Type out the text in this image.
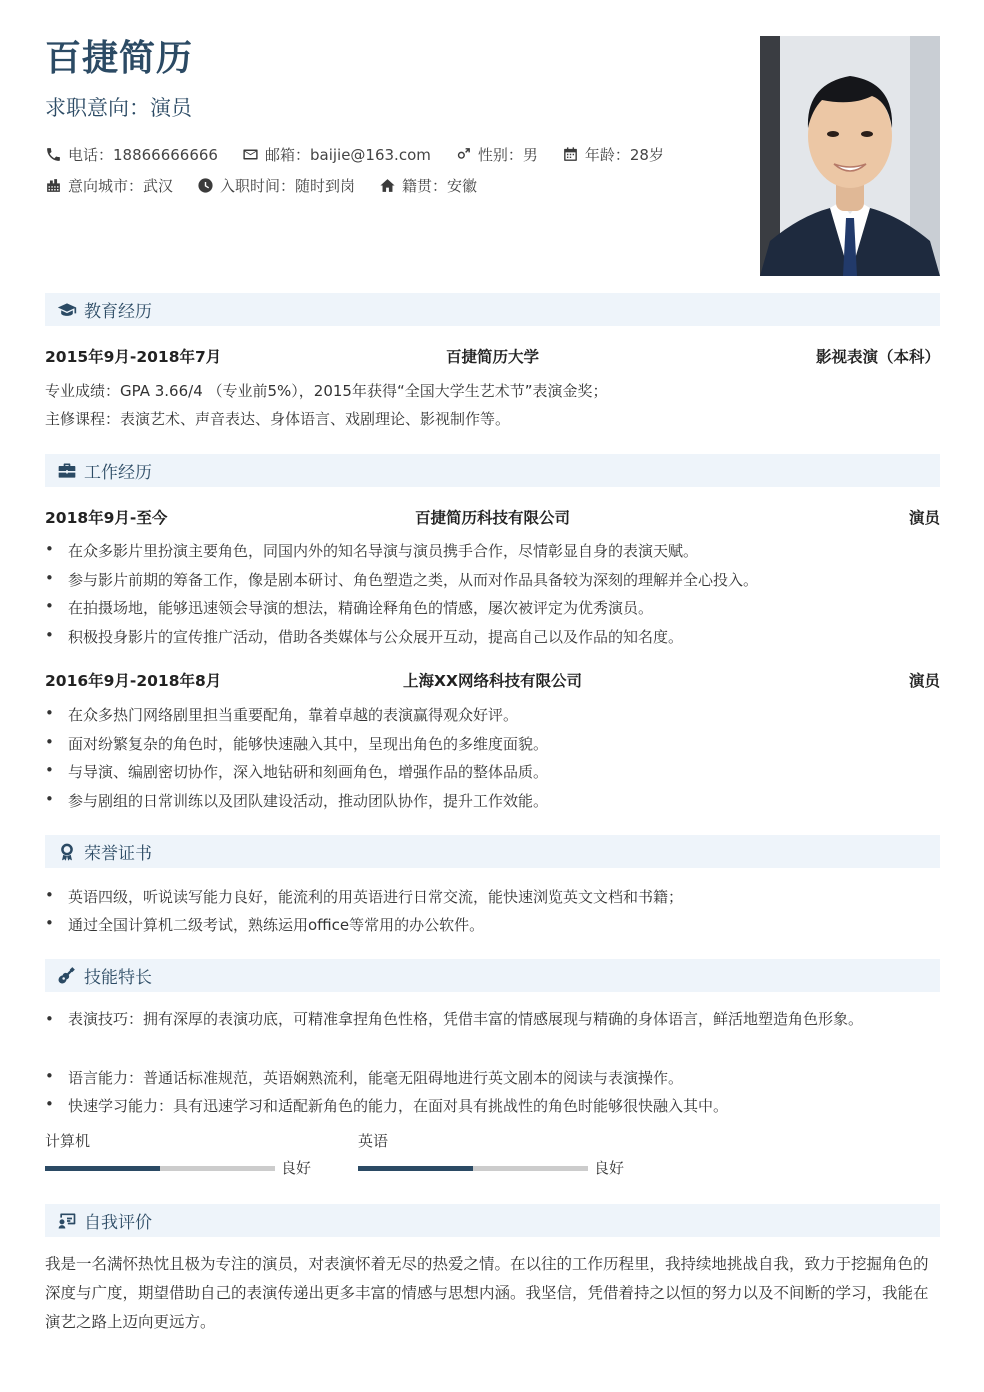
百捷简历
求职意向：演员
电话：18866666666	邮箱：baijie@163.com	性别：男	年龄：28岁
意向城市：武汉	入职时间：随时到岗	籍贯：安徽
教育经历
2015年9月-2018年7月	百捷简历大学	影视表演（本科）
专业成绩：GPA 3.66/4 （专业前5%），2015年获得“全国大学生艺术节”表演金奖；
主修课程：表演艺术、声音表达、身体语言、戏剧理论、影视制作等。
工作经历
2018年9月-至今	百捷简历科技有限公司	演员
• 在众多影片里扮演主要角色，同国内外的知名导演与演员携手合作，尽情彰显自身的表演天赋。
• 参与影片前期的筹备工作，像是剧本研讨、角色塑造之类，从而对作品具备较为深刻的理解并全心投入。
• 在拍摄场地，能够迅速领会导演的想法，精确诠释角色的情感，屡次被评定为优秀演员。
• 积极投身影片的宣传推广活动，借助各类媒体与公众展开互动，提高自己以及作品的知名度。
2016年9月-2018年8月	上海XX网络科技有限公司	演员
• 在众多热门网络剧里担当重要配角，靠着卓越的表演赢得观众好评。
• 面对纷繁复杂的角色时，能够快速融入其中，呈现出角色的多维度面貌。
• 与导演、编剧密切协作，深入地钻研和刻画角色，增强作品的整体品质。
• 参与剧组的日常训练以及团队建设活动，推动团队协作，提升工作效能。
荣誉证书
• 英语四级，听说读写能力良好，能流利的用英语进行日常交流，能快速浏览英文文档和书籍；
• 通过全国计算机二级考试，熟练运用office等常用的办公软件。
技能特长
• 表演技巧：拥有深厚的表演功底，可精准拿捏角色性格，凭借丰富的情感展现与精确的身体语言，鲜活地塑造角色形象。
• 语言能力：普通话标准规范，英语娴熟流利，能毫无阻碍地进行英文剧本的阅读与表演操作。
• 快速学习能力：具有迅速学习和适配新角色的能力，在面对具有挑战性的角色时能够很快融入其中。
计算机
良好
英语
良好
自我评价
我是一名满怀热忱且极为专注的演员，对表演怀着无尽的热爱之情。在以往的工作历程里，我持续地挑战自我，致力于挖掘角色的深度与广度，期望借助自己的表演传递出更多丰富的情感与思想内涵。我坚信，凭借着持之以恒的努力以及不间断的学习，我能在演艺之路上迈向更远方。
